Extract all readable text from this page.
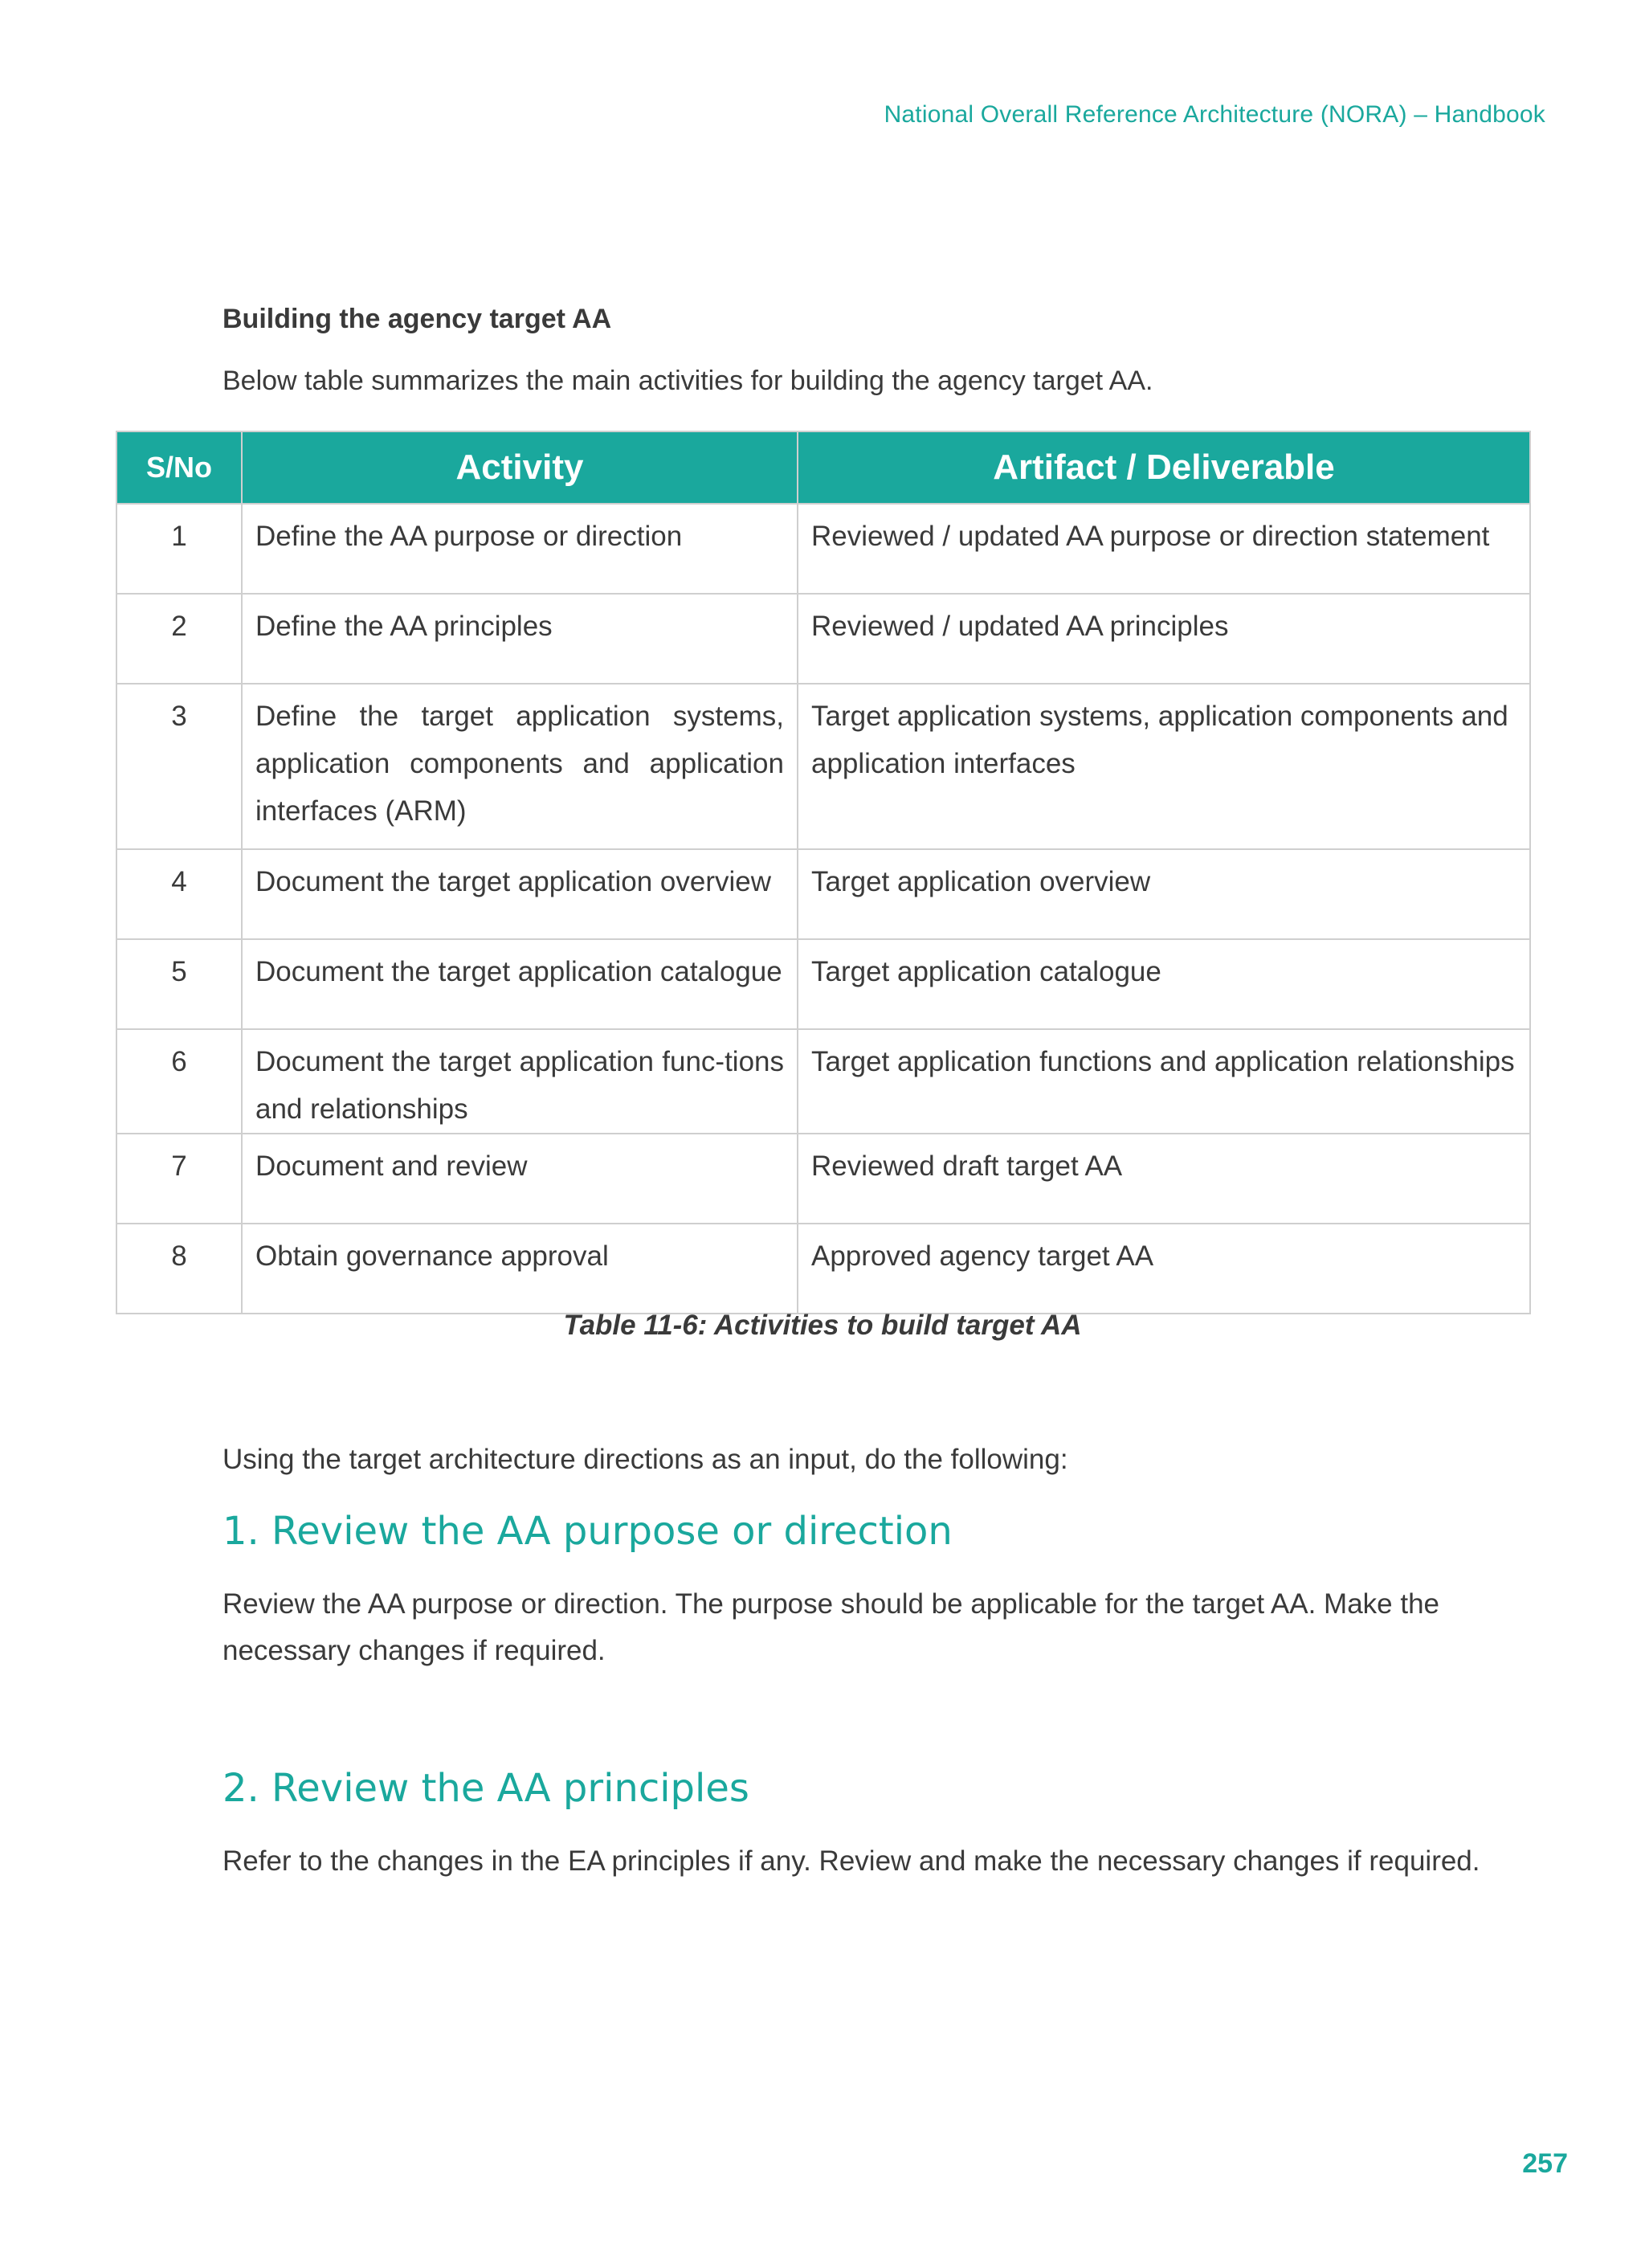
National Overall Reference Architecture (NORA) – Handbook

Building the agency target AA

Below table summarizes the main activities for building the agency target AA.

S/No	Activity	Artifact / Deliverable
1	Define the AA purpose or direction	Reviewed / updated AA purpose or direction statement
2	Define the AA principles	Reviewed / updated AA principles
3	Define the target application systems, application components and application interfaces (ARM)	Target application systems, application components and application interfaces
4	Document the target application overview	Target application overview
5	Document the target application catalogue	Target application catalogue
6	Document the target application func-tions and relationships	Target application functions and application relationships
7	Document and review	Reviewed draft target AA
8	Obtain governance approval	Approved agency target AA
Table 11-6: Activities to build target AA
Using the target architecture directions as an input, do the following:
1. Review the AA purpose or direction
Review the AA purpose or direction. The purpose should be applicable for the target AA. Make the necessary changes if required.
2. Review the AA principles
Refer to the changes in the EA principles if any. Review and make the necessary changes if required.
257
